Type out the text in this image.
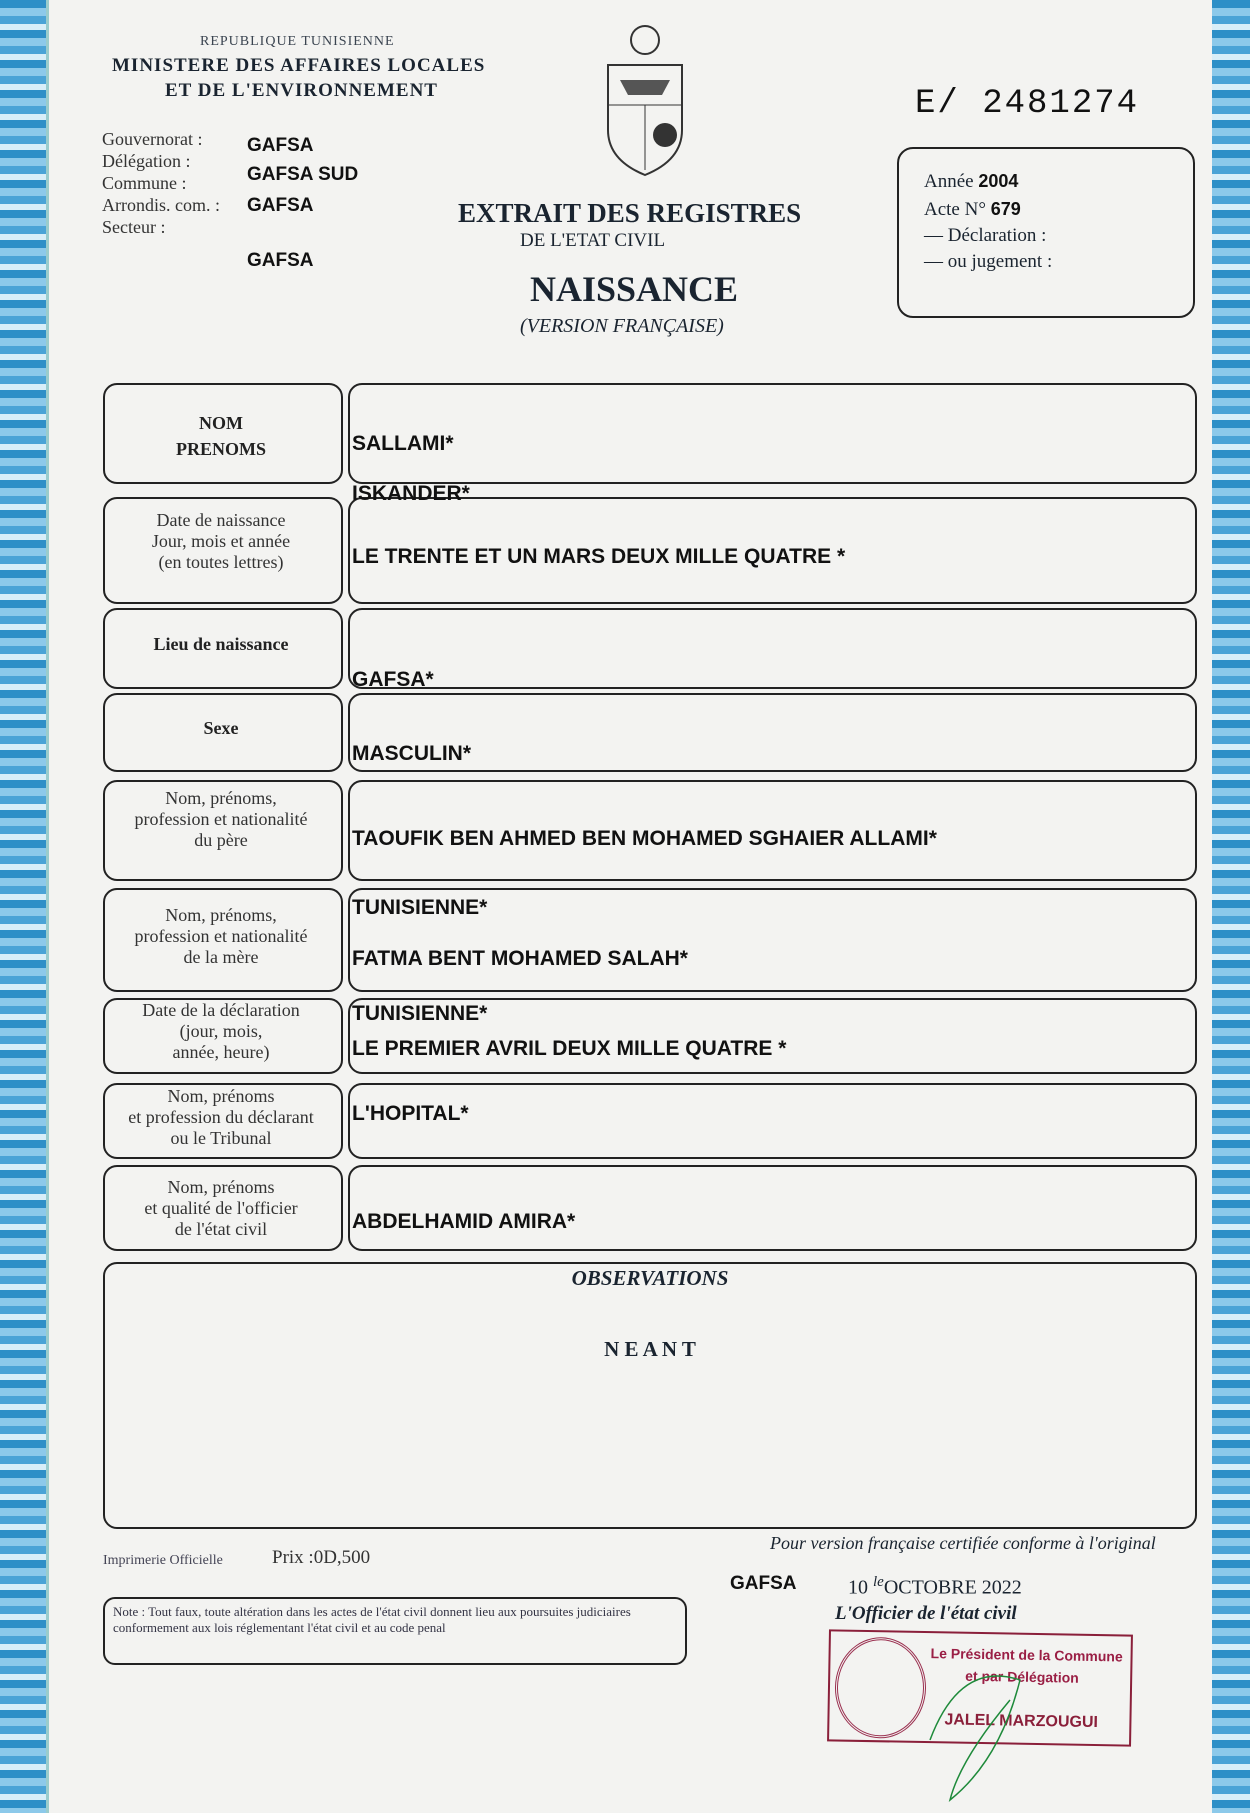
REPUBLIQUE TUNISIENNE
MINISTERE DES AFFAIRES LOCALES
ET DE L'ENVIRONNEMENT
Gouvernorat :
Délégation :
Commune :
Arrondis. com. :
Secteur :
GAFSA
GAFSA SUD
GAFSA
GAFSA
EXTRAIT DES REGISTRES
DE L'ETAT CIVIL
NAISSANCE
(VERSION FRANÇAISE)
E/ 2481274
Année 2004
Acte N° 679
— Déclaration :
— ou jugement :
NOM
PRENOMS
Date de naissance
Jour, mois et année
(en toutes lettres)
Lieu de naissance
Sexe
Nom, prénoms,
profession et nationalité
du père
Nom, prénoms,
profession et nationalité
de la mère
Date de la déclaration
(jour, mois,
année, heure)
Nom, prénoms
et profession du déclarant
ou le Tribunal
Nom, prénoms
et qualité de l'officier
de l'état civil
SALLAMI*
ISKANDER*
LE TRENTE ET UN MARS DEUX MILLE QUATRE *
GAFSA*
MASCULIN*
TAOUFIK BEN AHMED BEN MOHAMED SGHAIER ALLAMI*
TUNISIENNE*
FATMA BENT MOHAMED SALAH*
TUNISIENNE*
LE PREMIER AVRIL DEUX MILLE QUATRE *
L'HOPITAL*
ABDELHAMID AMIRA*
OBSERVATIONS
N E A N T
Imprimerie Officielle	Prix :0D,500
Pour version française certifiée conforme à l'original
GAFSA	10 $^{le}$OCTOBRE 2022
L'Officier de l'état civil
Note : Tout faux, toute altération dans les actes de l'état civil donnent lieu aux poursuites judiciaires conformement aux lois réglementant l'état civil et au code penal
Le Président de la Commune
et par Délégation
JALEL MARZOUGUI
